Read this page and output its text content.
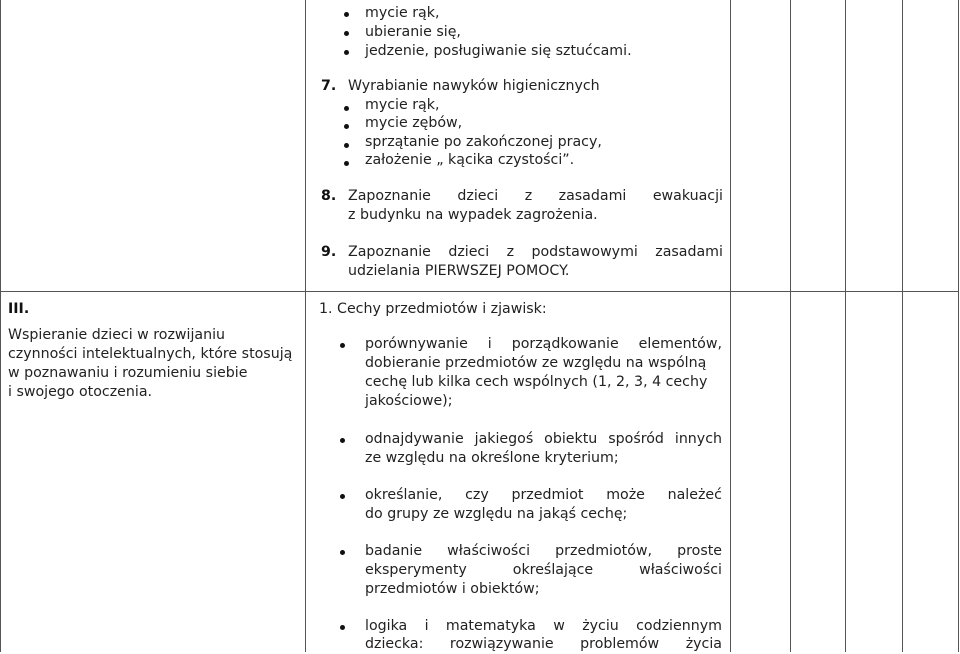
mycie rąk,
ubieranie się,
jedzenie, posługiwanie się sztućcami.
7. Wyrabianie nawyków higienicznych
mycie rąk,
mycie zębów,
sprzątanie po zakończonej pracy,
założenie „ kącika czystości”.
8. Zapoznanie dzieci z zasadami ewakuacji
z budynku na wypadek zagrożenia.
9. Zapoznanie dzieci z podstawowymi zasadami
udzielania PIERWSZEJ POMOCY.
III.
Wspieranie dzieci w rozwijaniu
czynności intelektualnych, które stosują
w poznawaniu i rozumieniu siebie
i swojego otoczenia.
1. Cechy przedmiotów i zjawisk:
porównywanie i porządkowanie elementów,
dobieranie przedmiotów ze względu na wspólną
cechę lub kilka cech wspólnych (1, 2, 3, 4 cechy
jakościowe);
odnajdywanie jakiegoś obiektu spośród innych
ze względu na określone kryterium;
określanie, czy przedmiot może należeć
do grupy ze względu na jakąś cechę;
badanie właściwości przedmiotów, proste
eksperymenty	określające	właściwości
przedmiotów i obiektów;
logika i matematyka w życiu codziennym
dziecka: rozwiązywanie problemów życia
